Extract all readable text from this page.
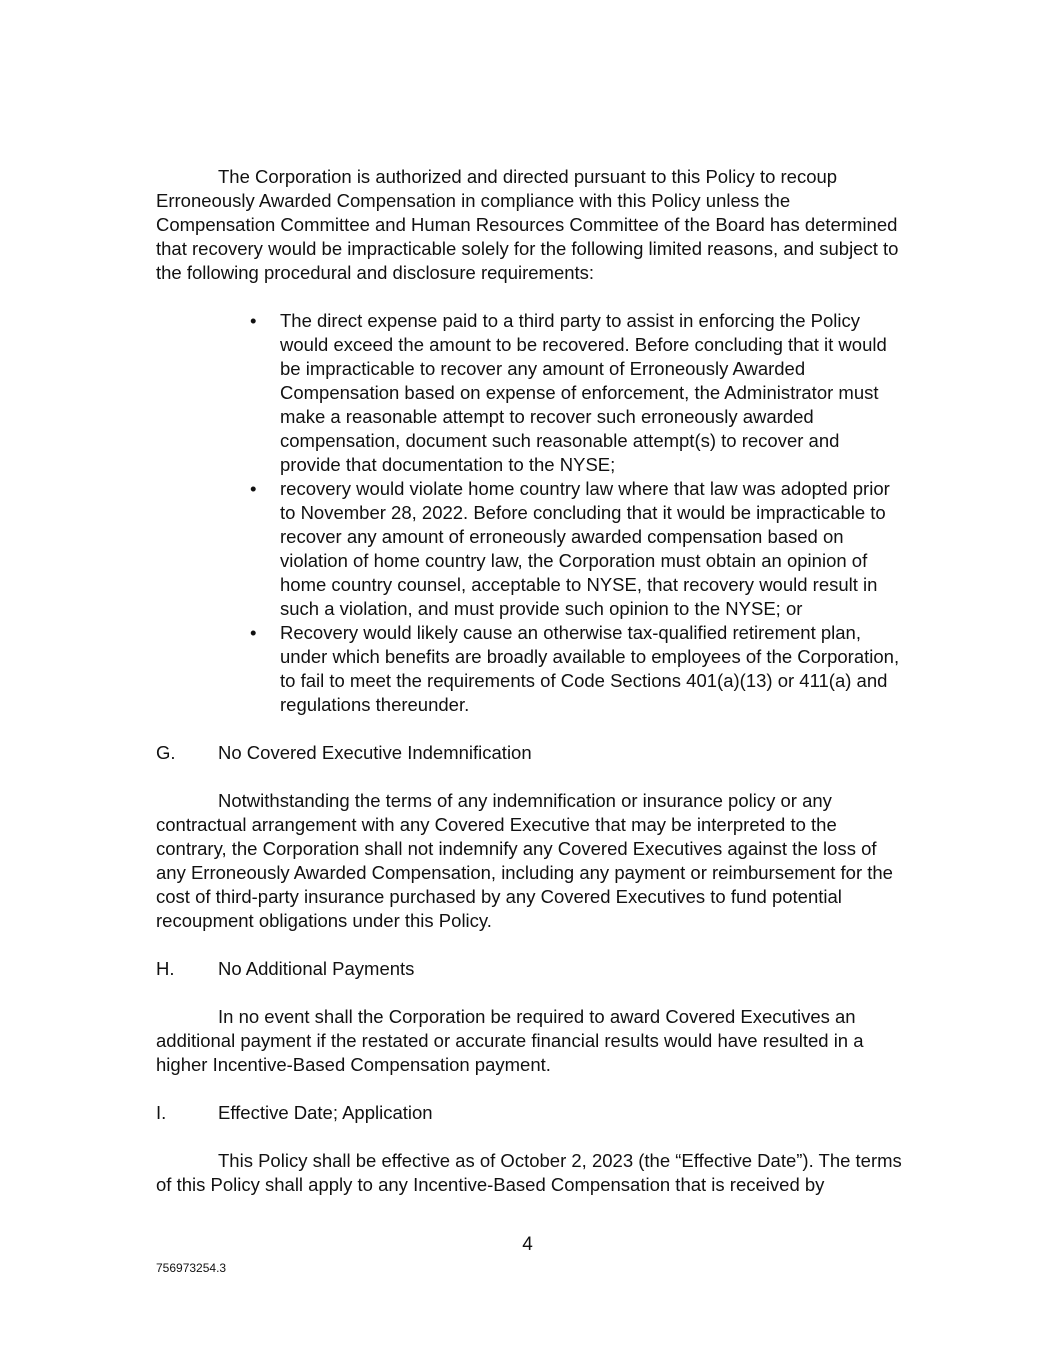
The Corporation is authorized and directed pursuant to this Policy to recoup Erroneously Awarded Compensation in compliance with this Policy unless the Compensation Committee and Human Resources Committee of the Board has determined that recovery would be impracticable solely for the following limited reasons, and subject to the following procedural and disclosure requirements:

• The direct expense paid to a third party to assist in enforcing the Policy would exceed the amount to be recovered. Before concluding that it would be impracticable to recover any amount of Erroneously Awarded Compensation based on expense of enforcement, the Administrator must make a reasonable attempt to recover such erroneously awarded compensation, document such reasonable attempt(s) to recover and provide that documentation to the NYSE;
• recovery would violate home country law where that law was adopted prior to November 28, 2022. Before concluding that it would be impracticable to recover any amount of erroneously awarded compensation based on violation of home country law, the Corporation must obtain an opinion of home country counsel, acceptable to NYSE, that recovery would result in such a violation, and must provide such opinion to the NYSE; or
• Recovery would likely cause an otherwise tax-qualified retirement plan, under which benefits are broadly available to employees of the Corporation, to fail to meet the requirements of Code Sections 401(a)(13) or 411(a) and regulations thereunder.
G.	No Covered Executive Indemnification

Notwithstanding the terms of any indemnification or insurance policy or any contractual arrangement with any Covered Executive that may be interpreted to the contrary, the Corporation shall not indemnify any Covered Executives against the loss of any Erroneously Awarded Compensation, including any payment or reimbursement for the cost of third-party insurance purchased by any Covered Executives to fund potential recoupment obligations under this Policy.

H.	No Additional Payments

In no event shall the Corporation be required to award Covered Executives an additional payment if the restated or accurate financial results would have resulted in a higher Incentive-Based Compensation payment.

I.	Effective Date; Application

This Policy shall be effective as of October 2, 2023 (the “Effective Date”). The terms of this Policy shall apply to any Incentive-Based Compensation that is received by

4
756973254.3
